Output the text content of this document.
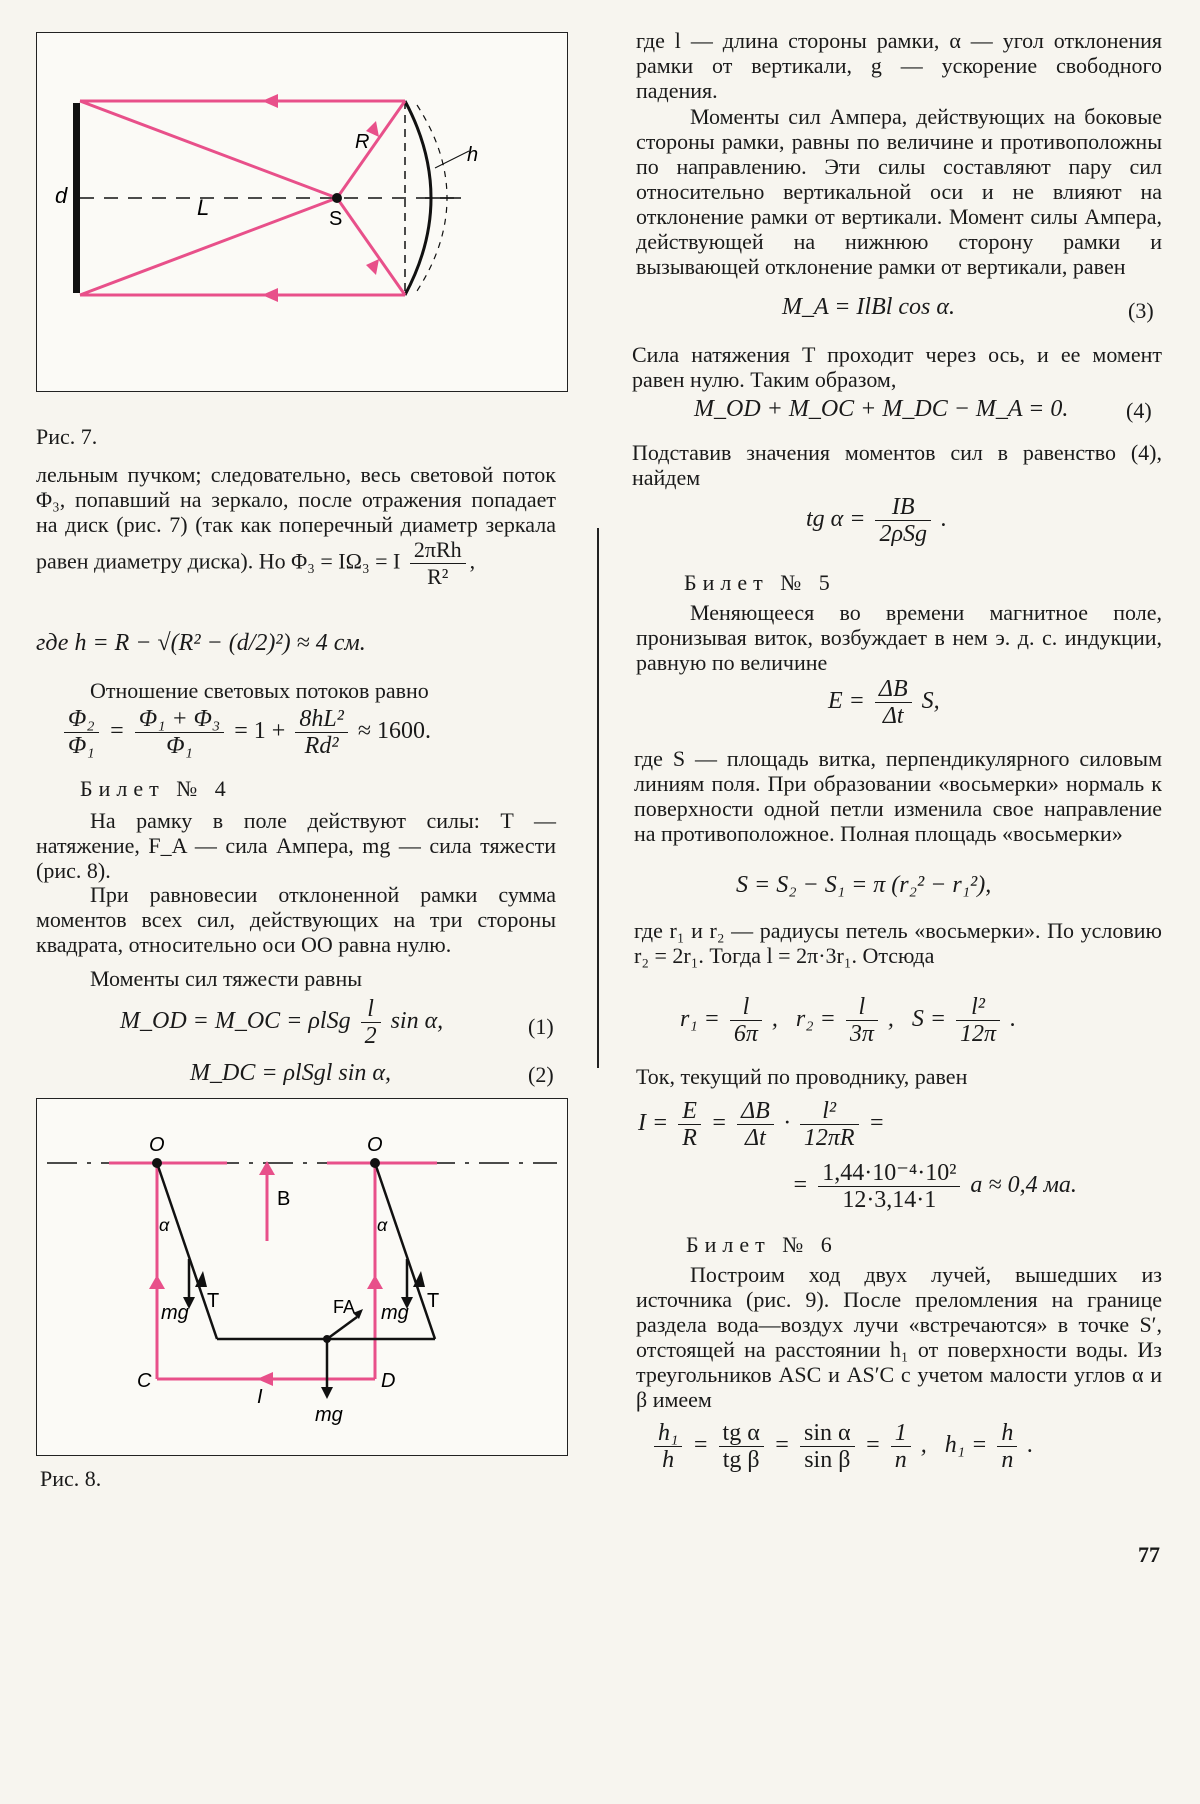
d	L
R
h
S
Рис. 7.
лельным пучком; следовательно, весь световой поток Φ₃, попавший на зеркало, после отражения попадает на диск (рис. 7) (так как поперечный диаметр зеркала равен диаметру диска). Но Φ₃ = IΩ₃ = I $\frac{\text{2πRh}}{\text{R²}}$ ,
где h = R − √(R² − (d/2)²) ≈ 4 см.
Отношение световых потоков равно
$\frac{\text{Φ₂}}{\text{Φ₁}} = \frac{\text{Φ₁ + Φ₃}}{\text{Φ₁}} = 1 + \frac{\text{8hL²}}{\text{Rd²}} \approx 1600$.
Билет № 4
На рамку в поле действуют силы: T — натяжение, F_A — сила Ампера, mg — сила тяжести (рис. 8).
При равновесии отклоненной рамки сумма моментов всех сил, действующих на три стороны квадрата, относительно оси OO равна нулю.
Моменты сил тяжести равны
M_OD = M_OC = ρlSg $\frac{l}{2}$ sin α,	(1)
M_DC = ρlSgl sin α,	(2)
O	O
B
α	α
mg	mg
T	T
FA
C	D
I
mg
Рис. 8.
где l — длина стороны рамки, α — угол отклонения рамки от вертикали, g — ускорение свободного падения.
Моменты сил Ампера, действующих на боковые стороны рамки, равны по величине и противоположны по направлению. Эти силы составляют пару сил относительно вертикальной оси и не влияют на отклонение рамки от вертикали. Момент силы Ампера, действующей на нижнюю сторону рамки и вызывающей отклонение рамки от вертикали, равен
M_A = IlBl cos α.	(3)
Сила натяжения T проходит через ось, и ее момент равен нулю. Таким образом,
M_OD + M_OC + M_DC − M_A = 0.	(4)
Подставив значения моментов сил в равенство (4), найдем
tg $\alpha = \frac{IB}{\text{2ρSg}}$ .
Билет № 5
Меняющееся во времени магнитное поле, пронизывая виток, возбуждает в нем э. д. с. индукции, равную по величине
$E = \frac{\Delta B}{\Delta t} S$,
где S — площадь витка, перпендикулярного силовым линиям поля. При образовании «восьмерки» нормаль к поверхности одной петли изменила свое направление на противоположное. Полная площадь «восьмерки»
S = S₂ − S₁ = π (r₂² − r₁²),
где r₁ и r₂ — радиусы петель «восьмерки». По условию r₂ = 2r₁. Тогда l = 2π·3r₁. Отсюда
$r_1 = \frac{l}{6\pi}$ ,   $r_2 = \frac{l}{3\pi}$ ,   $S = \frac{\text{l²}}{12\pi}$ .
Ток, текущий по проводнику, равен
$I = \frac{E}{R} = \frac{\Delta B}{\Delta t} \cdot \frac{\text{l²}}{12\pi R}$ =
= $\frac{\text{1,44·10⁻⁴·10²}}{12\cdot 3,14\cdot 1}$ а ≈ 0,4 ма.
Билет № 6
Построим ход двух лучей, вышедших из источника (рис. 9). После преломления на границе раздела вода—воздух лучи «встречаются» в точке S′, отстоящей на расстоянии h₁ от поверхности воды. Из треугольников ASC и AS′C с учетом малости углов α и β имеем
$\frac{\text{h₁}}{h} = \frac{\text{tg α}}{\text{tg β}} = \frac{\text{sin α}}{\text{sin β}} = \frac{1}{n}$ ,   $h_1 = \frac{h}{n}$ .
77
